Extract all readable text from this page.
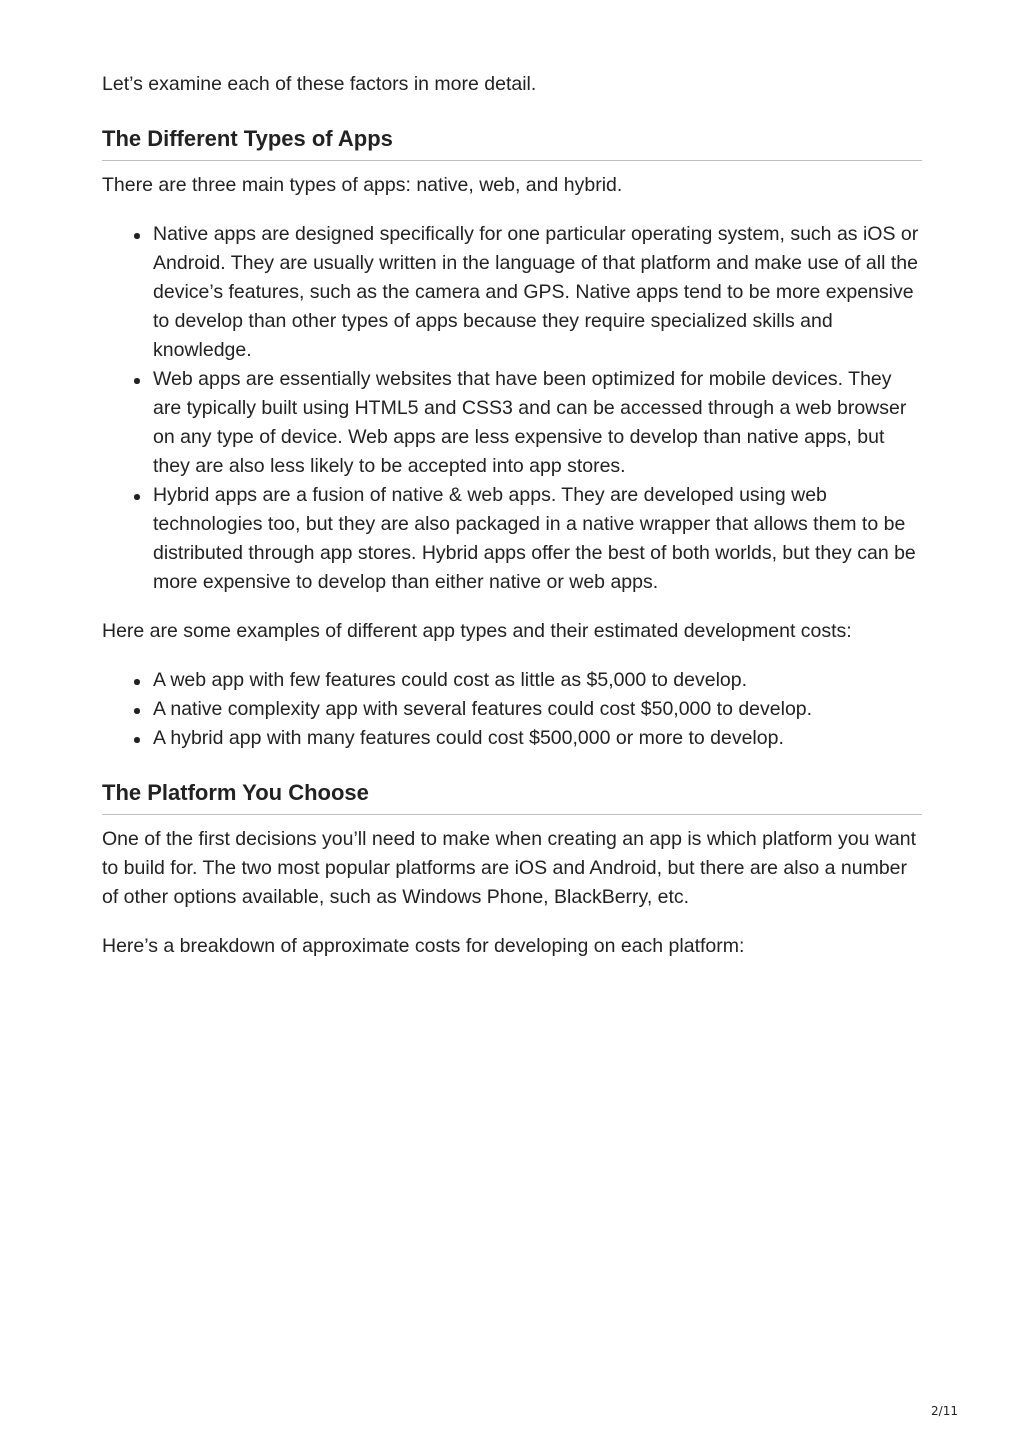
Let’s examine each of these factors in more detail.

The Different Types of Apps

There are three main types of apps: native, web, and hybrid.

Native apps are designed specifically for one particular operating system, such as iOS or Android. They are usually written in the language of that platform and make use of all the device’s features, such as the camera and GPS. Native apps tend to be more expensive to develop than other types of apps because they require specialized skills and knowledge.
Web apps are essentially websites that have been optimized for mobile devices. They are typically built using HTML5 and CSS3 and can be accessed through a web browser on any type of device. Web apps are less expensive to develop than native apps, but they are also less likely to be accepted into app stores.
Hybrid apps are a fusion of native & web apps. They are developed using web technologies too, but they are also packaged in a native wrapper that allows them to be distributed through app stores. Hybrid apps offer the best of both worlds, but they can be more expensive to develop than either native or web apps.

Here are some examples of different app types and their estimated development costs:

A web app with few features could cost as little as $5,000 to develop.
A native complexity app with several features could cost $50,000 to develop.
A hybrid app with many features could cost $500,000 or more to develop.
The Platform You Choose

One of the first decisions you’ll need to make when creating an app is which platform you want to build for. The two most popular platforms are iOS and Android, but there are also a number of other options available, such as Windows Phone, BlackBerry, etc.

Here’s a breakdown of approximate costs for developing on each platform:

2/11
